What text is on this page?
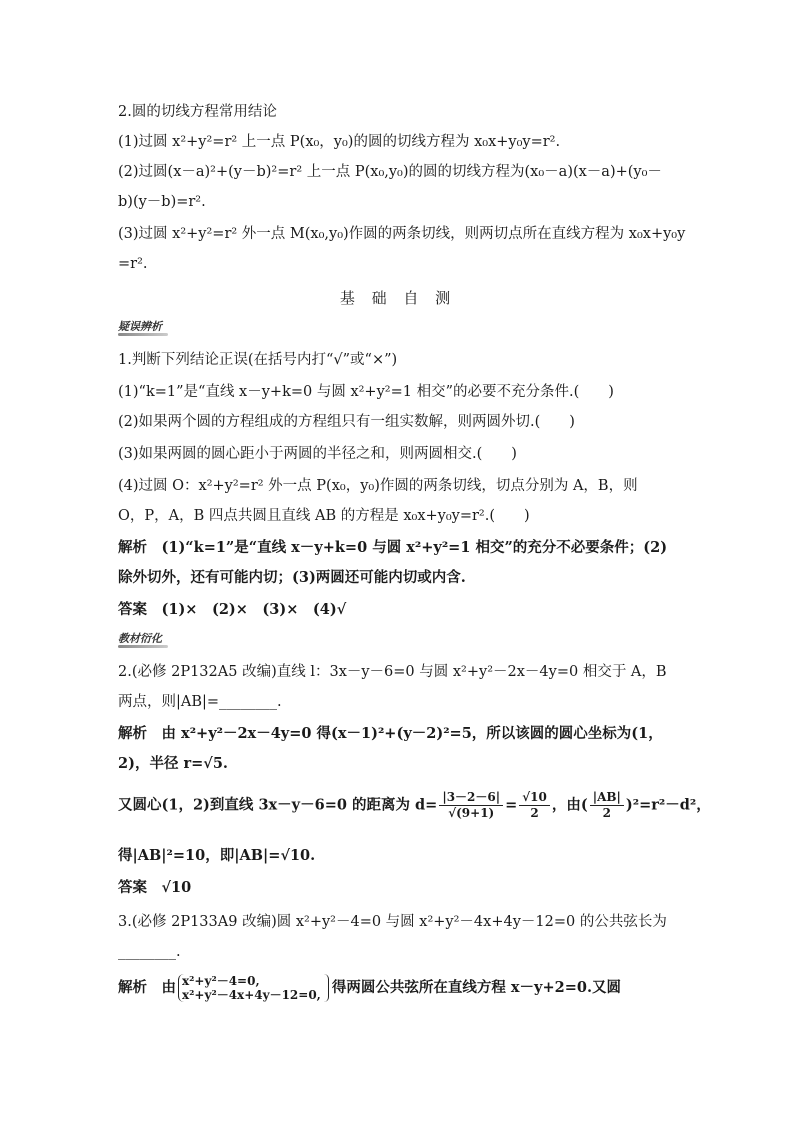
2.圆的切线方程常用结论
(1)过圆 x²+y²=r² 上一点 P(x₀，y₀)的圆的切线方程为 x₀x+y₀y=r².
(2)过圆(x－a)²+(y－b)²=r² 上一点 P(x₀,y₀)的圆的切线方程为(x₀－a)(x－a)+(y₀－
b)(y－b)=r².
(3)过圆 x²+y²=r² 外一点 M(x₀,y₀)作圆的两条切线，则两切点所在直线方程为 x₀x+y₀y
=r².
基 础 自 测
疑误辨析
1.判断下列结论正误(在括号内打“√”或“×”)
(1)“k=1”是“直线 x－y+k=0 与圆 x²+y²=1 相交”的必要不充分条件.(　　)
(2)如果两个圆的方程组成的方程组只有一组实数解，则两圆外切.(　　)
(3)如果两圆的圆心距小于两圆的半径之和，则两圆相交.(　　)
(4)过圆 O：x²+y²=r² 外一点 P(x₀，y₀)作圆的两条切线，切点分别为 A，B，则
O，P，A，B 四点共圆且直线 AB 的方程是 x₀x+y₀y=r².(　　)
解析　(1)“k=1”是“直线 x－y+k=0 与圆 x²+y²=1 相交”的充分不必要条件；(2)
除外切外，还有可能内切；(3)两圆还可能内切或内含.
答案　(1)×　(2)×　(3)×　(4)√
教材衍化
2.(必修 2P132A5 改编)直线 l：3x－y－6=0 与圆 x²+y²－2x－4y=0 相交于 A，B
两点，则|AB|=________.
解析　由 x²+y²－2x－4y=0 得(x－1)²+(y－2)²=5，所以该圆的圆心坐标为(1，
2)，半径 r=√5.
又圆心(1，2)到直线 3x－y－6=0 的距离为 $d= \frac{|3-2-6|}{√(9+1)} = \frac{√10}{2}$ ，由( $\frac{|AB|}{2} )^2=r^2-d^2$，
得|AB|²=10，即|AB|=√10.
答案　√10
3.(必修 2P133A9 改编)圆 x²+y²－4=0 与圆 x²+y²－4x+4y－12=0 的公共弦长为
________.
解析　由 x²+y²－4=0,
x²+y²－4x+4y－12=0, 得两圆公共弦所在直线方程 x－y+2=0.又圆
